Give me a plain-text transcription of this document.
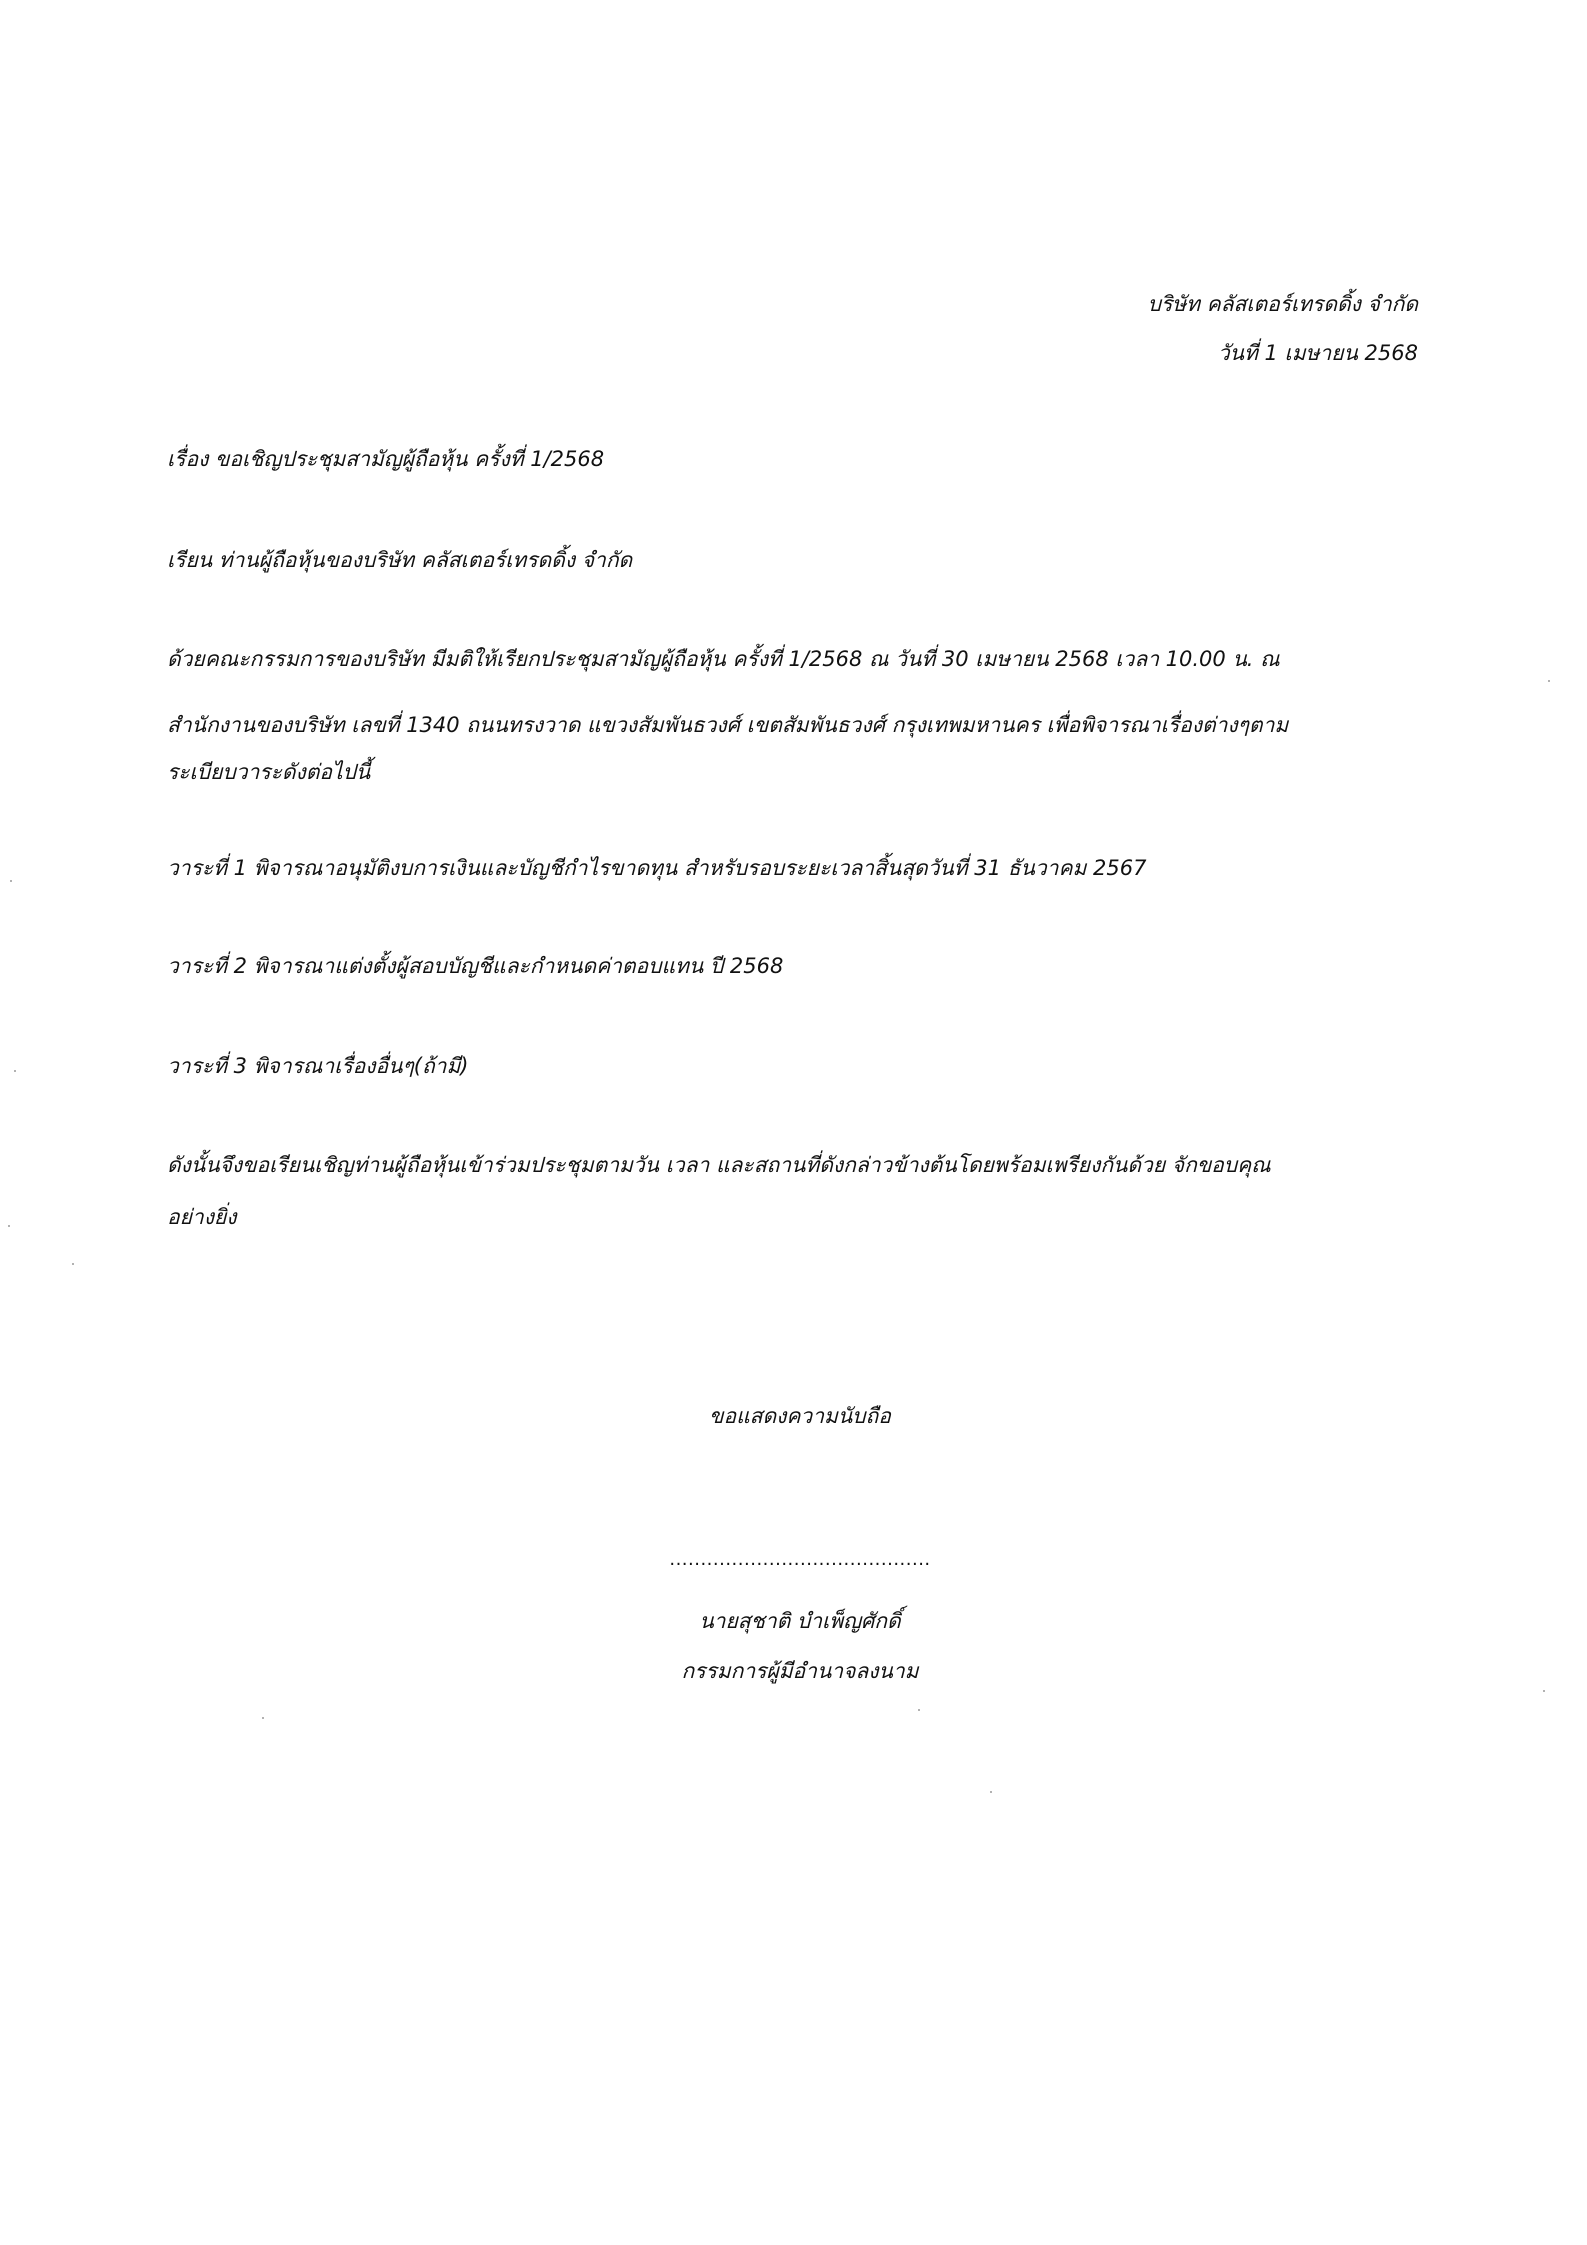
บริษัท คลัสเตอร์เทรดดิ้ง จำกัด
วันที่ 1 เมษายน 2568
เรื่อง ขอเชิญประชุมสามัญผู้ถือหุ้น ครั้งที่ 1/2568
เรียน ท่านผู้ถือหุ้นของบริษัท คลัสเตอร์เทรดดิ้ง จำกัด
ด้วยคณะกรรมการของบริษัท มีมติให้เรียกประชุมสามัญผู้ถือหุ้น ครั้งที่ 1/2568 ณ วันที่ 30 เมษายน 2568 เวลา 10.00 น. ณ
สำนักงานของบริษัท เลขที่ 1340 ถนนทรงวาด แขวงสัมพันธวงศ์ เขตสัมพันธวงศ์ กรุงเทพมหานคร เพื่อพิจารณาเรื่องต่างๆตาม
ระเบียบวาระดังต่อไปนี้
วาระที่ 1 พิจารณาอนุมัติงบการเงินและบัญชีกำไรขาดทุน สำหรับรอบระยะเวลาสิ้นสุดวันที่ 31 ธันวาคม 2567
วาระที่ 2 พิจารณาแต่งตั้งผู้สอบบัญชีและกำหนดค่าตอบแทน ปี 2568
วาระที่ 3 พิจารณาเรื่องอื่นๆ(ถ้ามี)
ดังนั้นจึงขอเรียนเชิญท่านผู้ถือหุ้นเข้าร่วมประชุมตามวัน เวลา และสถานที่ดังกล่าวข้างต้นโดยพร้อมเพรียงกันด้วย จักขอบคุณ
อย่างยิ่ง
ขอแสดงความนับถือ
..........................................
นายสุชาติ บำเพ็ญศักดิ์
กรรมการผู้มีอำนาจลงนาม
